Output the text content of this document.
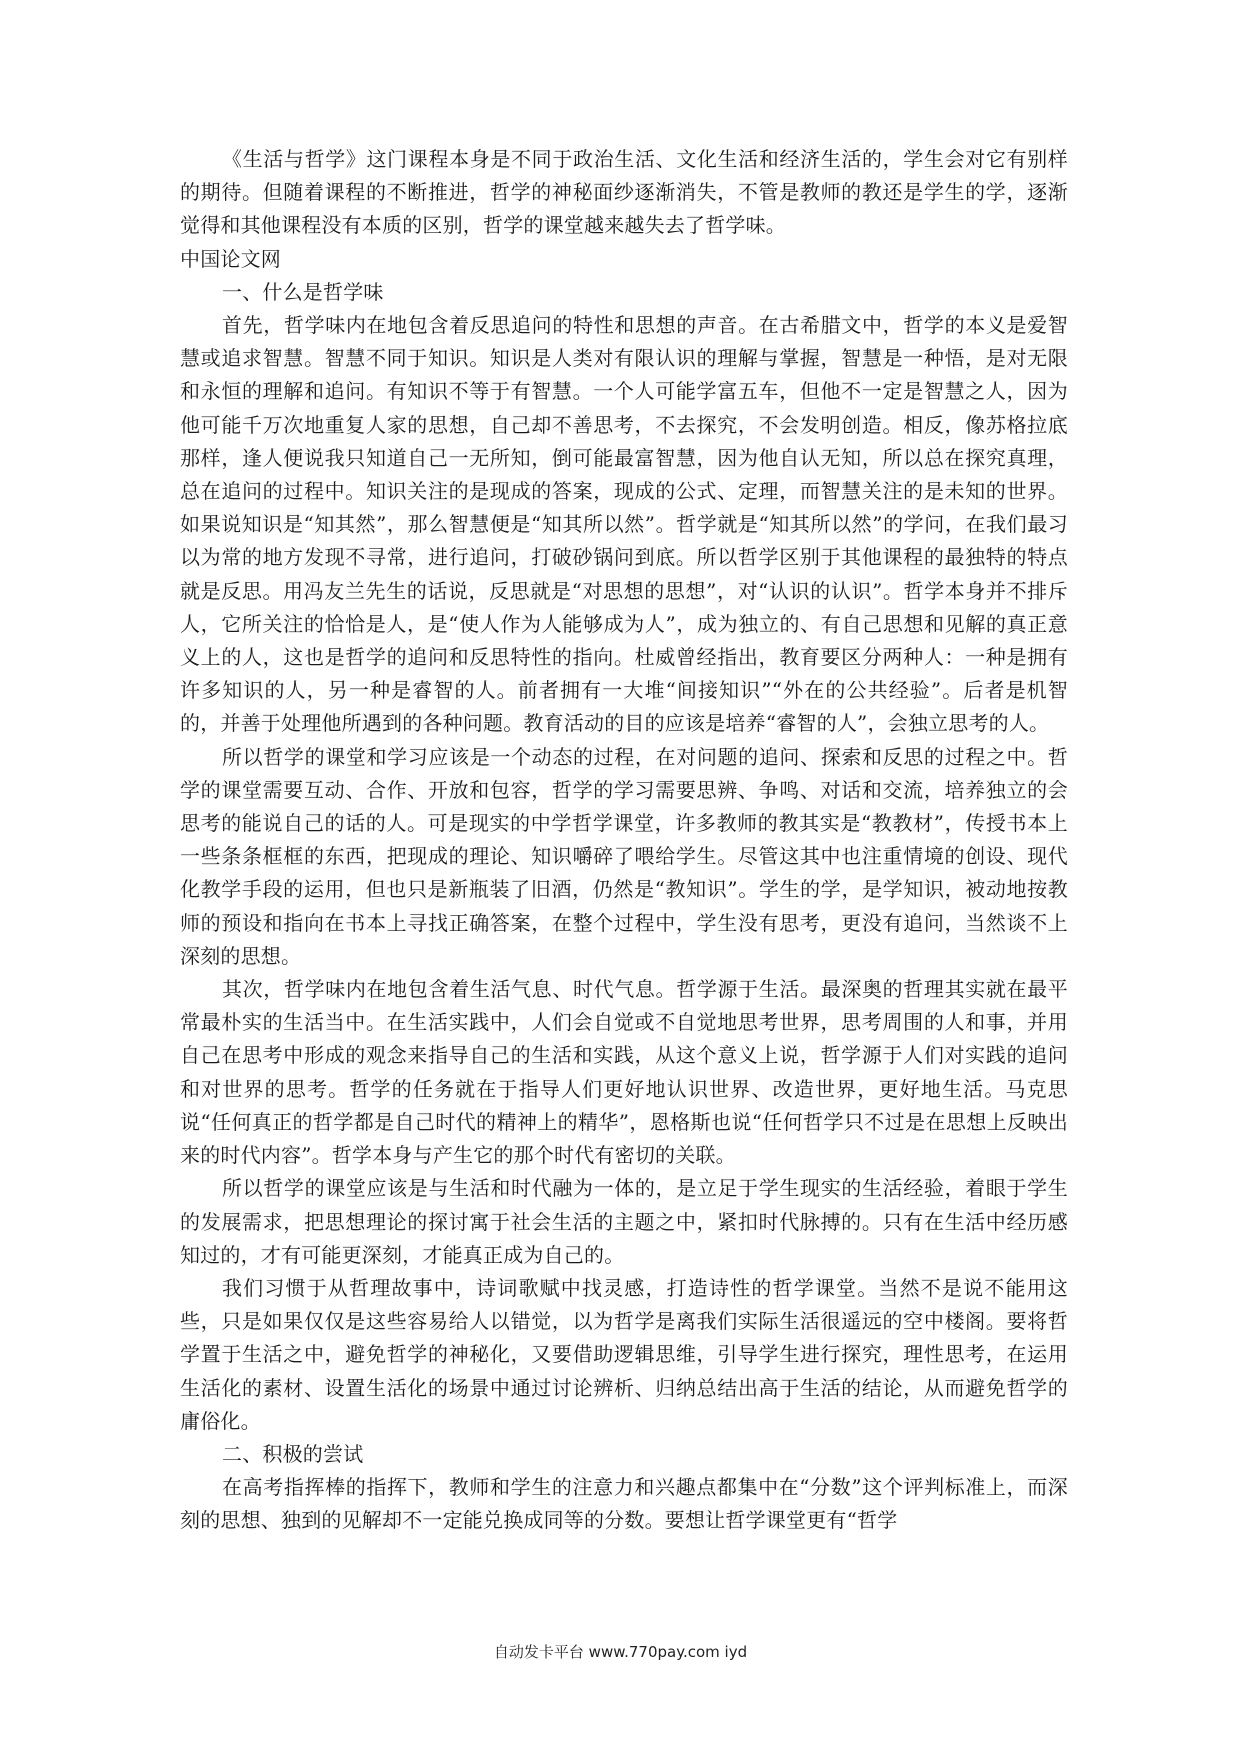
《生活与哲学》这门课程本身是不同于政治生活、文化生活和经济生活的，学生会对它有别样的期待。但随着课程的不断推进，哲学的神秘面纱逐渐消失，不管是教师的教还是学生的学，逐渐觉得和其他课程没有本质的区别，哲学的课堂越来越失去了哲学味。

中国论文网

一、什么是哲学味

首先，哲学味内在地包含着反思追问的特性和思想的声音。在古希腊文中，哲学的本义是爱智慧或追求智慧。智慧不同于知识。知识是人类对有限认识的理解与掌握，智慧是一种悟，是对无限和永恒的理解和追问。有知识不等于有智慧。一个人可能学富五车，但他不一定是智慧之人，因为他可能千万次地重复人家的思想，自己却不善思考，不去探究，不会发明创造。相反，像苏格拉底那样，逢人便说我只知道自己一无所知，倒可能最富智慧，因为他自认无知，所以总在探究真理，总在追问的过程中。知识关注的是现成的答案，现成的公式、定理，而智慧关注的是未知的世界。如果说知识是“知其然”，那么智慧便是“知其所以然”。哲学就是“知其所以然”的学问，在我们最习以为常的地方发现不寻常，进行追问，打破砂锅问到底。所以哲学区别于其他课程的最独特的特点就是反思。用冯友兰先生的话说，反思就是“对思想的思想”，对“认识的认识”。哲学本身并不排斥人，它所关注的恰恰是人，是“使人作为人能够成为人”，成为独立的、有自己思想和见解的真正意义上的人，这也是哲学的追问和反思特性的指向。杜威曾经指出，教育要区分两种人：一种是拥有许多知识的人，另一种是睿智的人。前者拥有一大堆“间接知识”“外在的公共经验”。后者是机智的，并善于处理他所遇到的各种问题。教育活动的目的应该是培养“睿智的人”，会独立思考的人。

所以哲学的课堂和学习应该是一个动态的过程，在对问题的追问、探索和反思的过程之中。哲学的课堂需要互动、合作、开放和包容，哲学的学习需要思辨、争鸣、对话和交流，培养独立的会思考的能说自己的话的人。可是现实的中学哲学课堂，许多教师的教其实是“教教材”，传授书本上一些条条框框的东西，把现成的理论、知识嚼碎了喂给学生。尽管这其中也注重情境的创设、现代化教学手段的运用，但也只是新瓶装了旧酒，仍然是“教知识”。学生的学，是学知识，被动地按教师的预设和指向在书本上寻找正确答案，在整个过程中，学生没有思考，更没有追问，当然谈不上深刻的思想。

其次，哲学味内在地包含着生活气息、时代气息。哲学源于生活。最深奥的哲理其实就在最平常最朴实的生活当中。在生活实践中，人们会自觉或不自觉地思考世界，思考周围的人和事，并用自己在思考中形成的观念来指导自己的生活和实践，从这个意义上说，哲学源于人们对实践的追问和对世界的思考。哲学的任务就在于指导人们更好地认识世界、改造世界，更好地生活。马克思说“任何真正的哲学都是自己时代的精神上的精华”，恩格斯也说“任何哲学只不过是在思想上反映出来的时代内容”。哲学本身与产生它的那个时代有密切的关联。

所以哲学的课堂应该是与生活和时代融为一体的，是立足于学生现实的生活经验，着眼于学生的发展需求，把思想理论的探讨寓于社会生活的主题之中，紧扣时代脉搏的。只有在生活中经历感知过的，才有可能更深刻，才能真正成为自己的。

我们习惯于从哲理故事中，诗词歌赋中找灵感，打造诗性的哲学课堂。当然不是说不能用这些，只是如果仅仅是这些容易给人以错觉，以为哲学是离我们实际生活很遥远的空中楼阁。要将哲学置于生活之中，避免哲学的神秘化，又要借助逻辑思维，引导学生进行探究，理性思考，在运用生活化的素材、设置生活化的场景中通过讨论辨析、归纳总结出高于生活的结论，从而避免哲学的庸俗化。

二、积极的尝试

在高考指挥棒的指挥下，教师和学生的注意力和兴趣点都集中在“分数”这个评判标准上，而深刻的思想、独到的见解却不一定能兑换成同等的分数。要想让哲学课堂更有“哲学

自动发卡平台 www.770pay.com iyd
